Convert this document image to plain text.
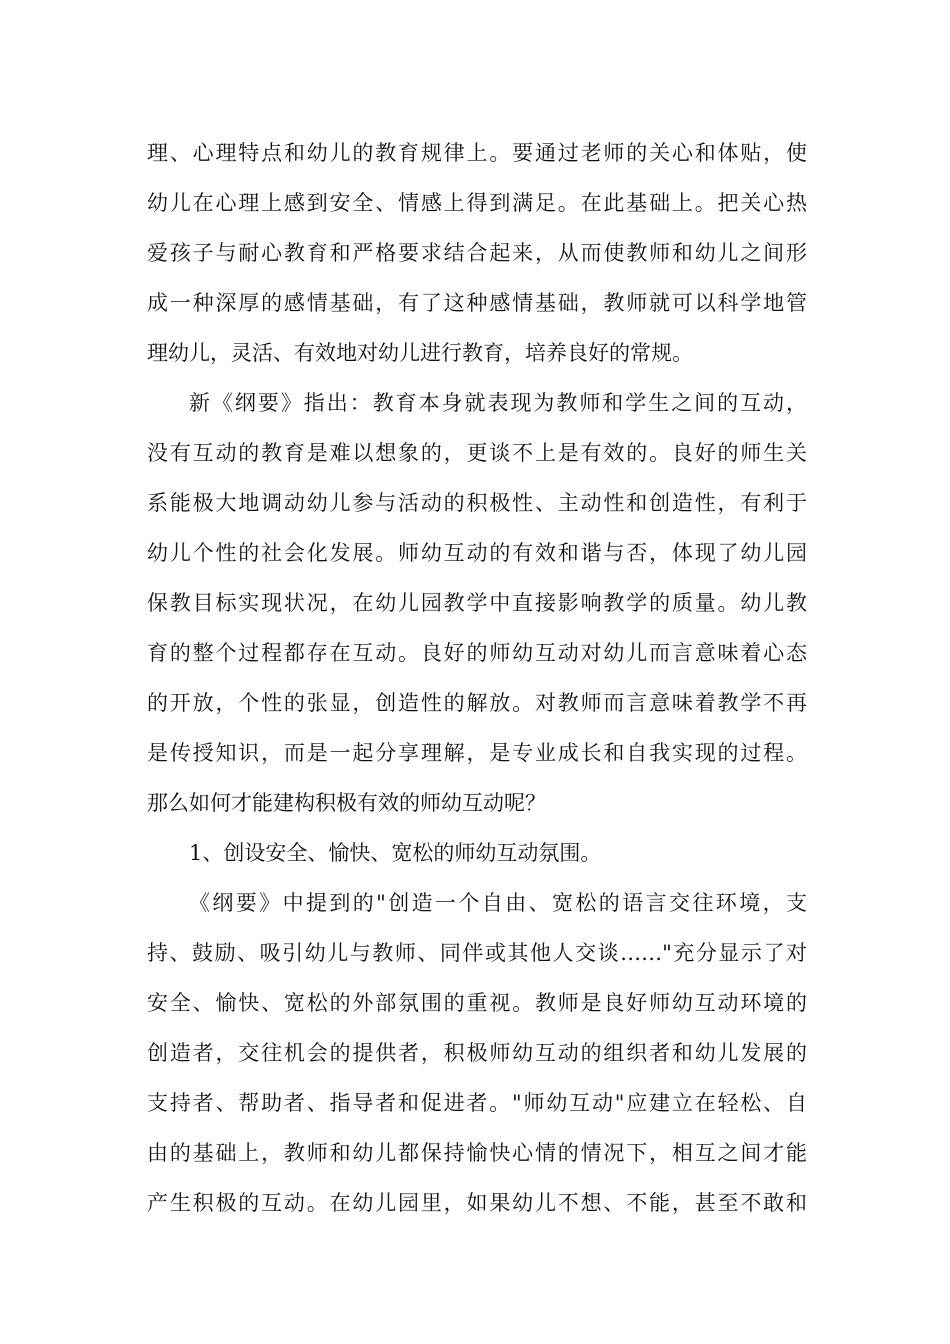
理、心理特点和幼儿的教育规律上。要通过老师的关心和体贴，使
幼儿在心理上感到安全、情感上得到满足。在此基础上。把关心热
爱孩子与耐心教育和严格要求结合起来，从而使教师和幼儿之间形
成一种深厚的感情基础，有了这种感情基础，教师就可以科学地管
理幼儿，灵活、有效地对幼儿进行教育，培养良好的常规。
新《纲要》指出：教育本身就表现为教师和学生之间的互动，
没有互动的教育是难以想象的，更谈不上是有效的。良好的师生关
系能极大地调动幼儿参与活动的积极性、主动性和创造性，有利于
幼儿个性的社会化发展。师幼互动的有效和谐与否，体现了幼儿园
保教目标实现状况，在幼儿园教学中直接影响教学的质量。幼儿教
育的整个过程都存在互动。良好的师幼互动对幼儿而言意味着心态
的开放，个性的张显，创造性的解放。对教师而言意味着教学不再
是传授知识，而是一起分享理解，是专业成长和自我实现的过程。
那么如何才能建构积极有效的师幼互动呢？
1、创设安全、愉快、宽松的师幼互动氛围。
《纲要》中提到的"创造一个自由、宽松的语言交往环境，支
持、鼓励、吸引幼儿与教师、同伴或其他人交谈……"充分显示了对
安全、愉快、宽松的外部氛围的重视。教师是良好师幼互动环境的
创造者，交往机会的提供者，积极师幼互动的组织者和幼儿发展的
支持者、帮助者、指导者和促进者。"师幼互动"应建立在轻松、自
由的基础上，教师和幼儿都保持愉快心情的情况下，相互之间才能
产生积极的互动。在幼儿园里，如果幼儿不想、不能，甚至不敢和
